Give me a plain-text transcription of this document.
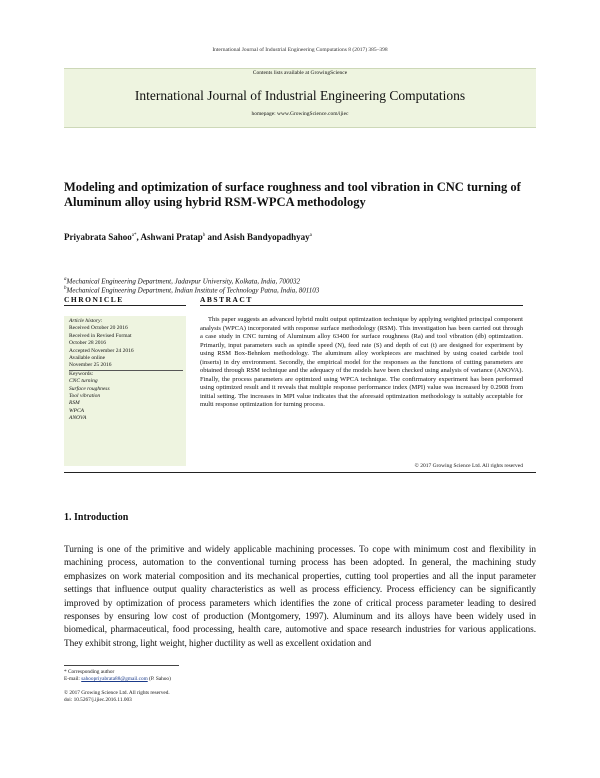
International Journal of Industrial Engineering Computations 8 (2017) 385–398
Contents lists available at GrowingScience
International Journal of Industrial Engineering Computations
homepage: www.GrowingScience.com/ijiec
Modeling and optimization of surface roughness and tool vibration in CNC turning of Aluminum alloy using hybrid RSM-WPCA methodology
Priyabrata Sahoo$^{a*}$, Ashwani Pratap$^b$ and Asish Bandyopadhyay$^a$
$^a$Mechanical Engineering Department, Jadavpur University, Kolkata, India, 700032
$^b$Mechanical Engineering Department, Indian Institute of Technology Patna, India, 801103
CHRONICLE	ABSTRACT
Article history:
Received October 20 2016
Received in Revised Format
October 28 2016
Accepted November 24 2016
Available online
November 25 2016
Keywords:
CNC turning
Surface roughness
Tool vibration
RSM
WPCA
ANOVA
This paper suggests an advanced hybrid multi output optimization technique by applying weighted principal component analysis (WPCA) incorporated with response surface methodology (RSM). This investigation has been carried out through a case study in CNC turning of Aluminum alloy 63400 for surface roughness (Ra) and tool vibration (db) optimization. Primarily, input parameters such as spindle speed (N), feed rate (S) and depth of cut (t) are designed for experiment by using RSM Box-Behnken methodology. The aluminum alloy workpieces are machined by using coated carbide tool (inserts) in dry environment. Secondly, the empirical model for the responses as the functions of cutting parameters are obtained through RSM technique and the adequacy of the models have been checked using analysis of variance (ANOVA). Finally, the process parameters are optimized using WPCA technique. The confirmatory experiment has been performed using optimized result and it reveals that multiple response performance index (MPI) value was increased by 0.2908 from initial setting. The increases in MPI value indicates that the aforesaid optimization methodology is suitably acceptable for multi response optimization for turning process.
© 2017 Growing Science Ltd. All rights reserved
1. Introduction
Turning is one of the primitive and widely applicable machining processes. To cope with minimum cost and flexibility in machining process, automation to the conventional turning process has been adopted. In general, the machining study emphasizes on work material composition and its mechanical properties, cutting tool properties and all the input parameter settings that influence output quality characteristics as well as process efficiency. Process efficiency can be significantly improved by optimization of process parameters which identifies the zone of critical process parameter leading to desired responses by ensuring low cost of production (Montgomery, 1997). Aluminum and its alloys have been widely used in biomedical, pharmaceutical, food processing, health care, automotive and space research industries for various applications. They exhibit strong, light weight, higher ductility as well as excellent oxidation and
* Corresponding author
E-mail: sahoopriyabrata88@gmail.com (P. Sahoo)
© 2017 Growing Science Ltd. All rights reserved.
doi: 10.5267/j.ijiec.2016.11.003
